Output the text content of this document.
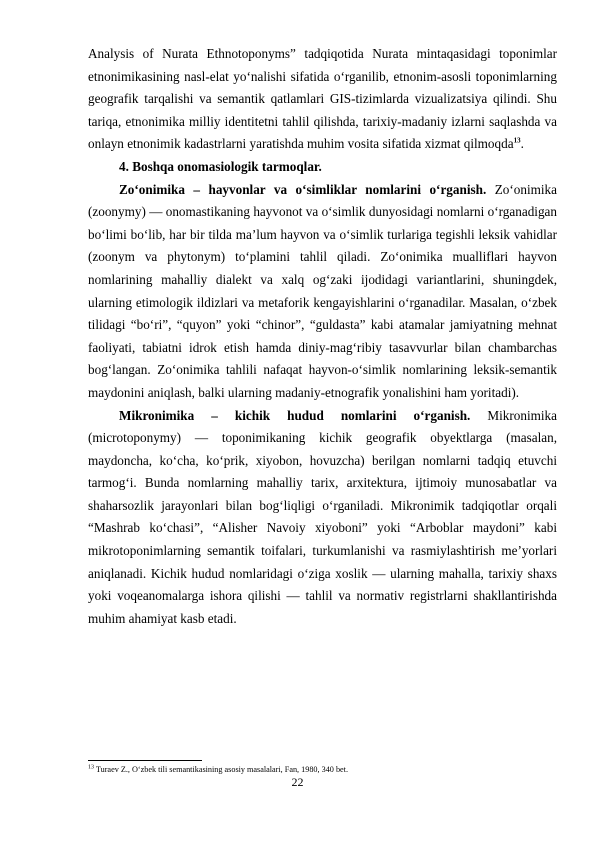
Analysis of Nurata Ethnotoponyms” tadqiqotida Nurata mintaqasidagi toponimlar etnonimikasining nasl-elat yo‘nalishi sifatida o‘rganilib, etnonim-asosli toponimlarning geografik tarqalishi va semantik qatlamlari GIS-tizimlarda vizualizatsiya qilindi. Shu tariqa, etnonimika milliy identitetni tahlil qilishda, tarixiy-madaniy izlarni saqlashda va onlayn etnonimik kadastrlarni yaratishda muhim vosita sifatida xizmat qilmoqda$^{13}$.

4. Boshqa onomasiologik tarmoqlar.

Zo‘onimika – hayvonlar va o‘simliklar nomlarini o‘rganish. Zo‘onimika (zoonymy) — onomastikaning hayvonot va o‘simlik dunyosidagi nomlarni o‘rganadigan bo‘limi bo‘lib, har bir tilda ma’lum hayvon va o‘simlik turlariga tegishli leksik vahidlar (zoonym va phytonym) to‘plamini tahlil qiladi. Zo‘onimika mualliflari hayvon nomlarining mahalliy dialekt va xalq og‘zaki ijodidagi variantlarini, shuningdek, ularning etimologik ildizlari va metaforik kengayishlarini o‘rganadilar. Masalan, o‘zbek tilidagi “bo‘ri”, “quyon” yoki “chinor”, “guldasta” kabi atamalar jamiyatning mehnat faoliyati, tabiatni idrok etish hamda diniy-mag‘ribiy tasavvurlar bilan chambarchas bog‘langan. Zo‘onimika tahlili nafaqat hayvon-o‘simlik nomlarining leksik-semantik maydonini aniqlash, balki ularning madaniy-etnografik yonalishini ham yoritadi).

Mikronimika – kichik hudud nomlarini o‘rganish. Mikronimika (microtoponymy) — toponimikaning kichik geografik obyektlarga (masalan, maydoncha, ko‘cha, ko‘prik, xiyobon, hovuzcha) berilgan nomlarni tadqiq etuvchi tarmog‘i. Bunda nomlarning mahalliy tarix, arxitektura, ijtimoiy munosabatlar va shaharsozlik jarayonlari bilan bog‘liqligi o‘rganiladi. Mikronimik tadqiqotlar orqali “Mashrab ko‘chasi”, “Alisher Navoiy xiyoboni” yoki “Arboblar maydoni” kabi mikrotoponimlarning semantik toifalari, turkumlanishi va rasmiylashtirish me’yorlari aniqlanadi. Kichik hudud nomlaridagi o‘ziga xoslik — ularning mahalla, tarixiy shaxs yoki voqeanomalarga ishora qilishi — tahlil va normativ registrlarni shakllantirishda muhim ahamiyat kasb etadi.

$^{13}$ Turaev Z., O‘zbek tili semantikasining asosiy masalalari, Fan, 1980, 340 bet.
22
